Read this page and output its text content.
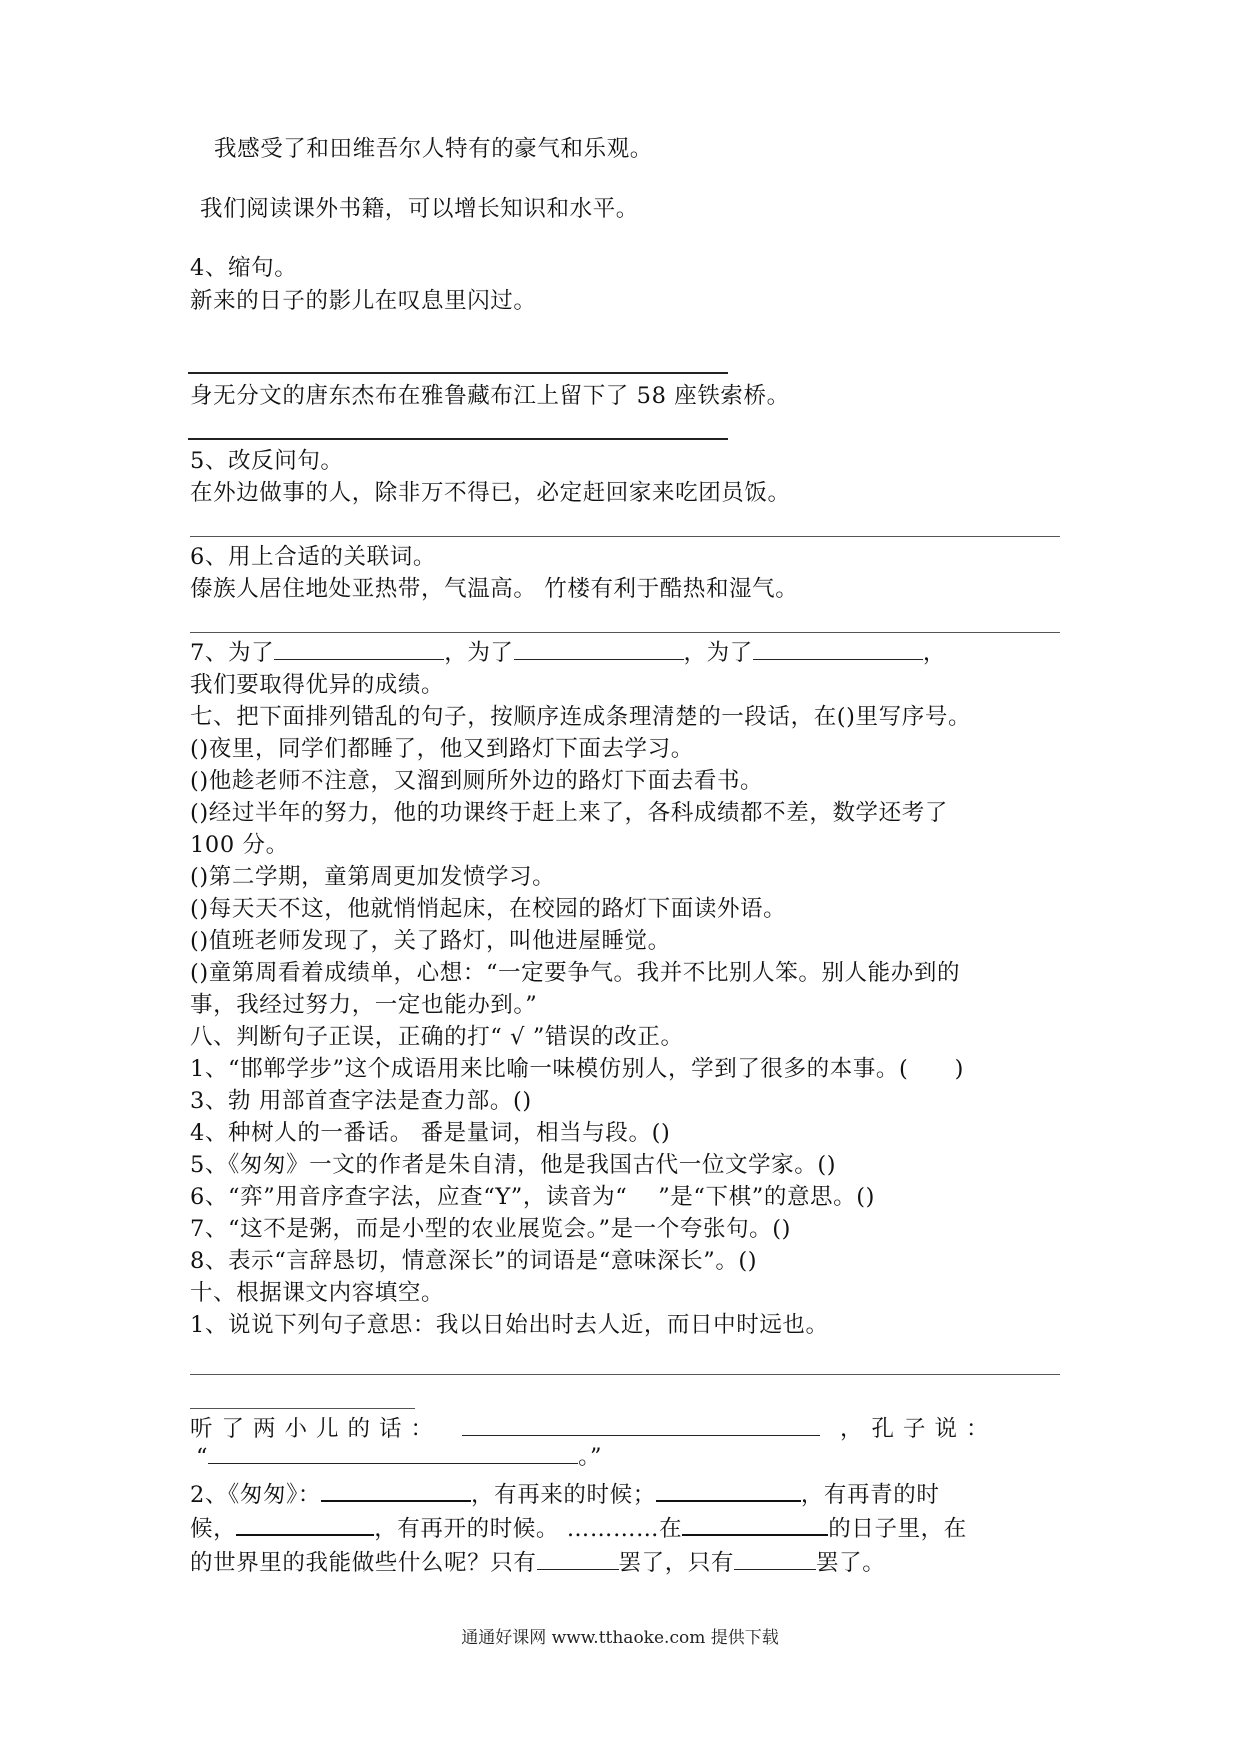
我感受了和田维吾尔人特有的豪气和乐观。

我们阅读课外书籍，可以增长知识和水平。

4、缩句。

新来的日子的影儿在叹息里闪过。

身无分文的唐东杰布在雅鲁藏布江上留下了 58 座铁索桥。

5、改反问句。

在外边做事的人，除非万不得已，必定赶回家来吃团员饭。

6、用上合适的关联词。

傣族人居住地处亚热带，气温高。 竹楼有利于酷热和湿气。

7、为了	，为了	，为了	，

我们要取得优异的成绩。

七、把下面排列错乱的句子，按顺序连成条理清楚的一段话，在()里写序号。

()夜里，同学们都睡了，他又到路灯下面去学习。

()他趁老师不注意，又溜到厕所外边的路灯下面去看书。

()经过半年的努力，他的功课终于赶上来了，各科成绩都不差，数学还考了

100 分。

()第二学期，童第周更加发愤学习。

()每天天不这，他就悄悄起床，在校园的路灯下面读外语。

()值班老师发现了，关了路灯，叫他进屋睡觉。

()童第周看着成绩单，心想：“一定要争气。我并不比别人笨。别人能办到的

事，我经过努力，一定也能办到。”

八、判断句子正误，正确的打“ √ ”错误的改正。

1、“邯郸学步”这个成语用来比喻一味模仿别人，学到了很多的本事。(　　)

3、勃 用部首查字法是查力部。()

4、种树人的一番话。 番是量词，相当与段。()

5、《匆匆》一文的作者是朱自清，他是我国古代一位文学家。()

6、“弈”用音序查字法，应查“Y”，读音为“　 ”是“下棋”的意思。()

7、“这不是粥，而是小型的农业展览会。”是一个夸张句。()

8、表示“言辞恳切，情意深长”的词语是“意味深长”。()

十、根据课文内容填空。

1、说说下列句子意思：我以日始出时去人近，而日中时远也。

听了两小儿的话：	，孔子说：

“	。”

2、《匆匆》：	，有再来的时候；	，有再青的时

候，	，有再开的时候。 …………在	的日子里，在

的世界里的我能做些什么呢？只有	罢了，只有	罢了。

通通好课网 www.tthaoke.com 提供下载
